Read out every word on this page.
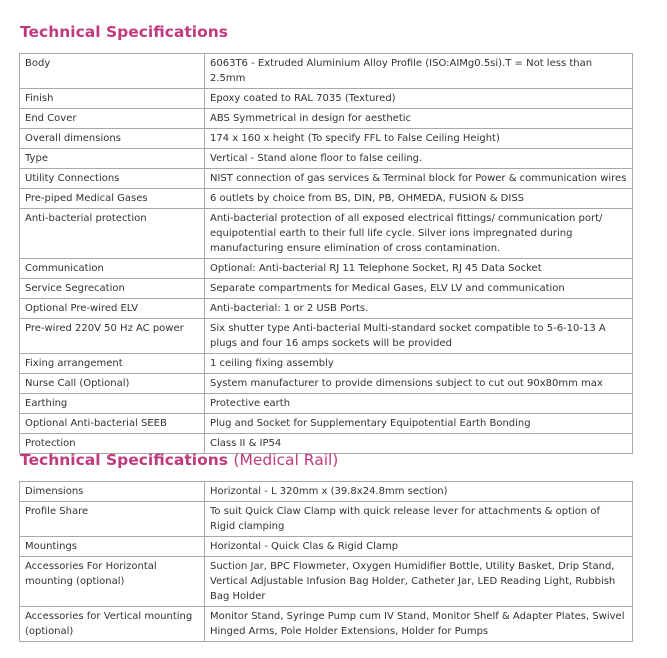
Technical Specifications
Body	6063T6 - Extruded Aluminium Alloy Profile (ISO:AIMg0.5si).T = Not less than 2.5mm
Finish	Epoxy coated to RAL 7035 (Textured)
End Cover	ABS Symmetrical in design for aesthetic
Overall dimensions	174 x 160 x height (To specify FFL to False Ceiling Height)
Type	Vertical - Stand alone floor to false ceiling.
Utility Connections	NIST connection of gas services & Terminal block for Power & communication wires
Pre-piped Medical Gases	6 outlets by choice from BS, DIN, PB, OHMEDA, FUSION & DISS
Anti-bacterial protection	Anti-bacterial protection of all exposed electrical fittings/ communication port/ equipotential earth to their full life cycle. Silver ions impregnated during manufacturing ensure elimination of cross contamination.
Communication	Optional: Anti-bacterial RJ 11 Telephone Socket, RJ 45 Data Socket
Service Segrecation	Separate compartments for Medical Gases, ELV LV and communication
Optional Pre-wired ELV	Anti-bacterial: 1 or 2 USB Ports.
Pre-wired 220V 50 Hz AC power	Six shutter type Anti-bacterial Multi-standard socket compatible to 5-6-10-13 A plugs and four 16 amps sockets will be provided
Fixing arrangement	1 ceiling fixing assembly
Nurse Call (Optional)	System manufacturer to provide dimensions subject to cut out 90x80mm max
Earthing	Protective earth
Optional Anti-bacterial SEEB	Plug and Socket for Supplementary Equipotential Earth Bonding
Protection	Class II & IP54
Technical Specifications (Medical Rail)
Dimensions	Horizontal - L 320mm x (39.8x24.8mm section)
Profile Share	To suit Quick Claw Clamp with quick release lever for attachments & option of Rigid clamping
Mountings	Horizontal - Quick Clas & Rigid Clamp
Accessories For Horizontal mounting (optional)	Suction Jar, BPC Flowmeter, Oxygen Humidifier Bottle, Utility Basket, Drip Stand, Vertical Adjustable Infusion Bag Holder, Catheter Jar, LED Reading Light, Rubbish Bag Holder
Accessories for Vertical mounting (optional)	Monitor Stand, Syringe Pump cum IV Stand, Monitor Shelf & Adapter Plates, Swivel Hinged Arms, Pole Holder Extensions, Holder for Pumps
